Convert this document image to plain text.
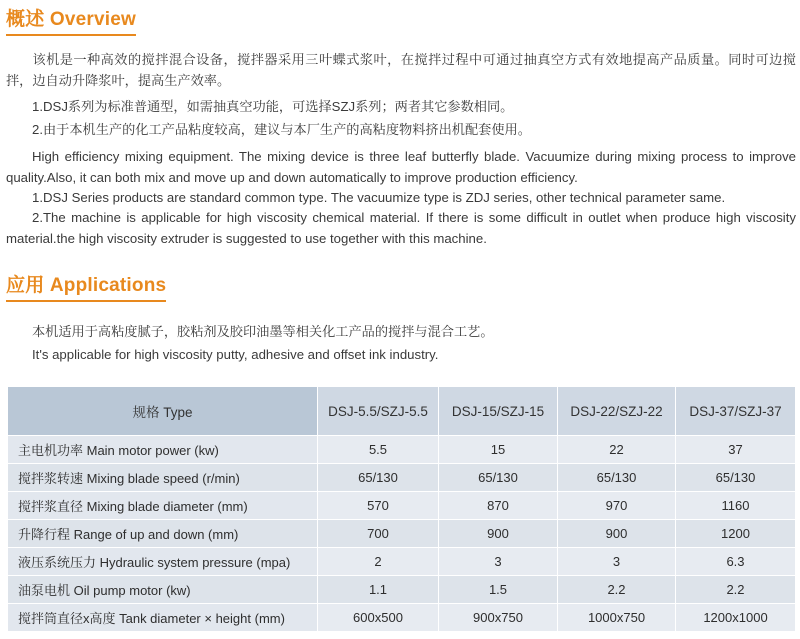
概述 Overview

该机是一种高效的搅拌混合设备，搅拌器采用三叶蝶式浆叶，在搅拌过程中可通过抽真空方式有效地提高产品质量。同时可边搅拌，边自动升降浆叶，提高生产效率。

1.DSJ系列为标准普通型，如需抽真空功能，可选择SZJ系列；两者其它参数相同。

2.由于本机生产的化工产品粘度较高，建议与本厂生产的高粘度物料挤出机配套使用。

High efficiency mixing equipment. The mixing device is three leaf butterfly blade. Vacuumize during mixing process to improve quality.Also, it can both mix and move up and down automatically to improve production efficiency.

1.DSJ Series products are standard common type. The vacuumize type is ZDJ series, other technical parameter same.

2.The machine is applicable for high viscosity chemical material. If there is some difficult in outlet when produce high viscosity material.the high viscosity extruder is suggested to use together with this machine.

应用 Applications

本机适用于高粘度腻子，胶粘剂及胶印油墨等相关化工产品的搅拌与混合工艺。

It's applicable for high viscosity putty, adhesive and offset ink industry.

规格 Type	DSJ-5.5/SZJ-5.5	DSJ-15/SZJ-15	DSJ-22/SZJ-22	DSJ-37/SZJ-37
主电机功率 Main motor power (kw)	5.5	15	22	37
搅拌浆转速 Mixing blade speed (r/min)	65/130	65/130	65/130	65/130
搅拌浆直径 Mixing blade diameter (mm)	570	870	970	1160
升降行程 Range of up and down (mm)	700	900	900	1200
液压系统压力 Hydraulic system pressure (mpa)	2	3	3	6.3
油泵电机 Oil pump motor (kw)	1.1	1.5	2.2	2.2
搅拌筒直径x高度 Tank diameter × height (mm)	600x500	900x750	1000x750	1200x1000
